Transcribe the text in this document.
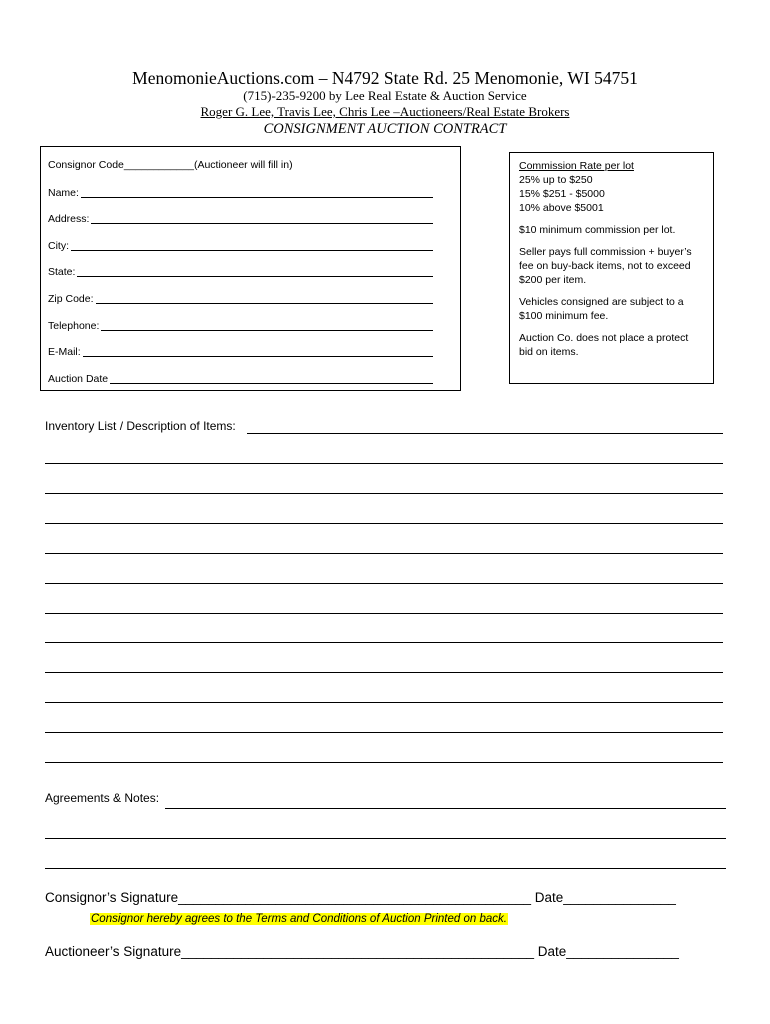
MenomonieAuctions.com – N4792 State Rd. 25 Menomonie, WI 54751
(715)-235-9200 by Lee Real Estate & Auction Service
Roger G. Lee, Travis Lee, Chris Lee –Auctioneers/Real Estate Brokers
CONSIGNMENT AUCTION CONTRACT
Consignor Code____________(Auctioneer will fill in)
Name:
Address:
City:
State:
Zip Code:
Telephone:
E-Mail:
Auction Date

Commission Rate per lot

25% up to $250

15% $251 - $5000

10% above $5001

$10 minimum commission per lot.

Seller pays full commission + buyer’s fee on buy-back items, not to exceed $200 per item.

Vehicles consigned are subject to a $100 minimum fee.

Auction Co. does not place a protect bid on items.

Inventory List / Description of Items:
Agreements & Notes:
Consignor’s Signature_______________________________________________ Date_______________
Consignor hereby agrees to the Terms and Conditions of Auction Printed on back.
Auctioneer’s Signature_______________________________________________ Date_______________
